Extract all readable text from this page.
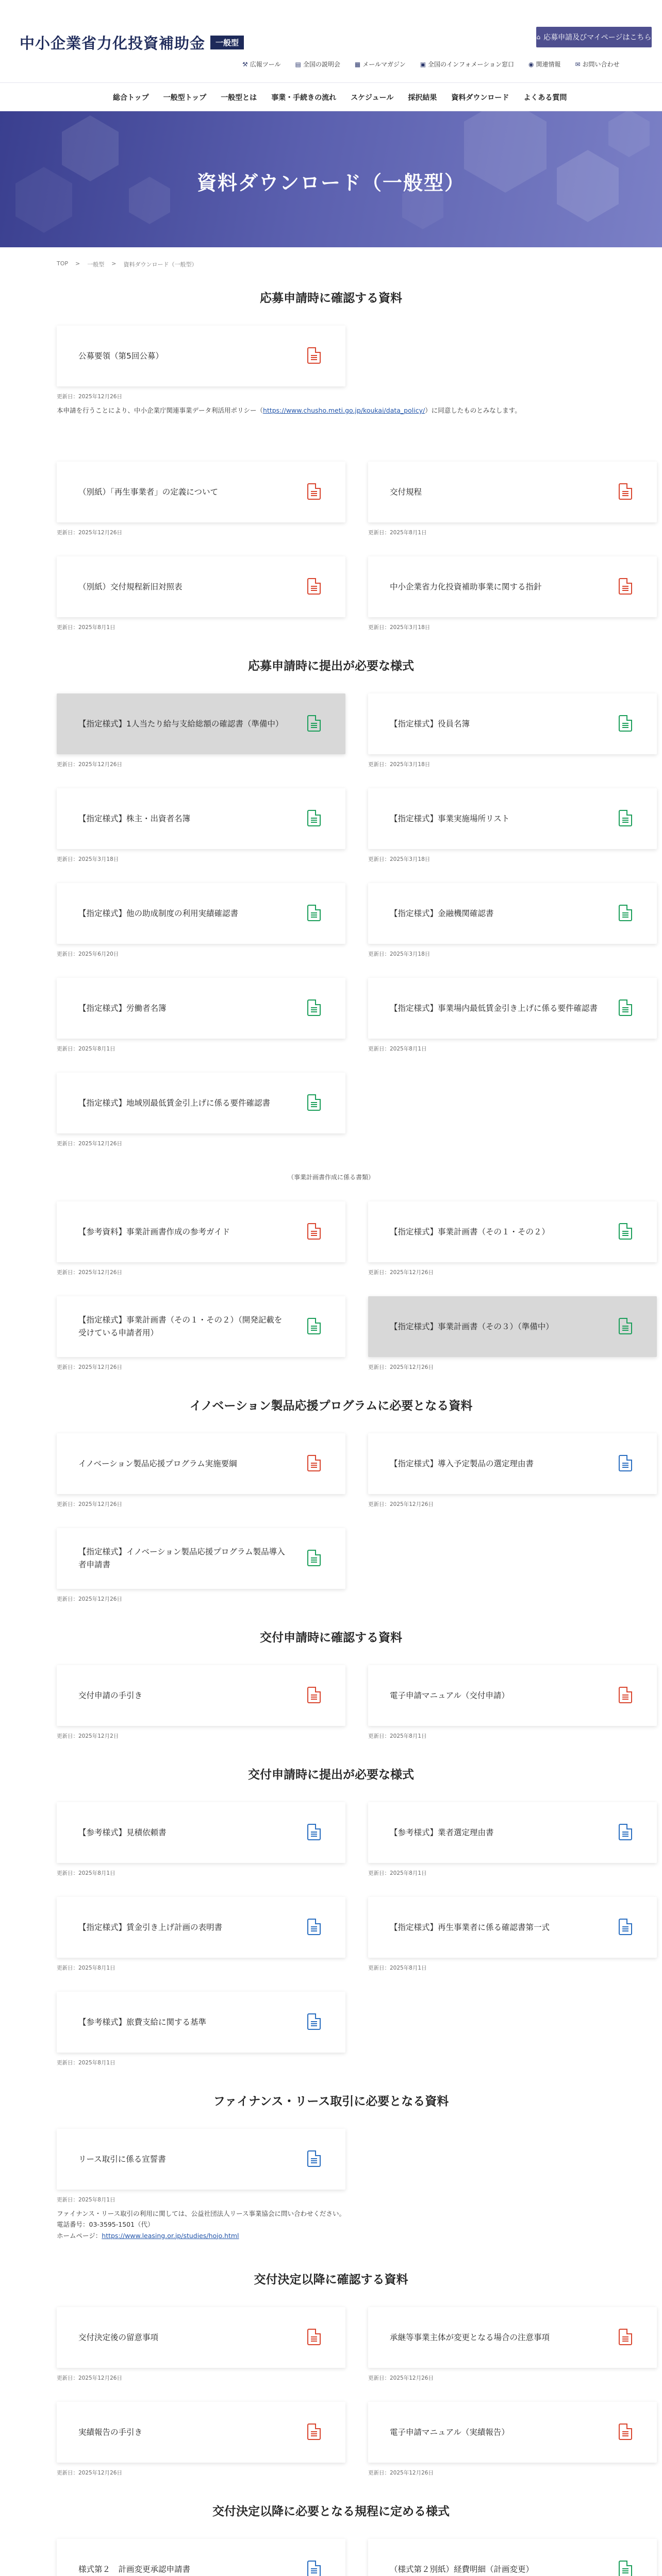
中小企業省力化投資補助金	一般型
⌂ 応募申請及びマイページはこちら
⚒ 広報ツール ▤ 全国の説明会 ▦ メールマガジン ▣ 全国のインフォメーション窓口 ◉ 関連情報 ✉ お問い合わせ
総合トップ	一般型トップ	一般型とは	事業・手続きの流れ	スケジュール	採択結果	資料ダウンロード	よくある質問
資料ダウンロード（一般型）
TOP > 一般型 > 資料ダウンロード（一般型）
応募申請時に確認する資料
公募要領（第5回公募）
更新日：2025年12月26日
本申請を行うことにより、中小企業庁関連事業データ利活用ポリシー（https://www.chusho.meti.go.jp/koukai/data_policy/）に同意したものとみなします。
（別紙）「再生事業者」の定義について
更新日：2025年12月26日
交付規程
更新日：2025年8月1日
（別紙）交付規程新旧対照表
更新日：2025年8月1日
中小企業省力化投資補助事業に関する指針
更新日：2025年3月18日
応募申請時に提出が必要な様式
【指定様式】1人当たり給与支給総額の確認書（準備中）
更新日：2025年12月26日
【指定様式】役員名簿
更新日：2025年3月18日
【指定様式】株主・出資者名簿
更新日：2025年3月18日
【指定様式】事業実施場所リスト
更新日：2025年3月18日
【指定様式】他の助成制度の利用実績確認書
更新日：2025年6月20日
【指定様式】金融機関確認書
更新日：2025年3月18日
【指定様式】労働者名簿
更新日：2025年8月1日
【指定様式】事業場内最低賃金引き上げに係る要件確認書
更新日：2025年8月1日
【指定様式】地域別最低賃金引上げに係る要件確認書
更新日：2025年12月26日
（事業計画書作成に係る書類）
【参考資料】事業計画書作成の参考ガイド
更新日：2025年12月26日
【指定様式】事業計画書（その１・その２）
更新日：2025年12月26日
【指定様式】事業計画書（その１・その２）（開発記載を受けている申請者用）
更新日：2025年12月26日
【指定様式】事業計画書（その３）（準備中）
更新日：2025年12月26日
イノベーション製品応援プログラムに必要となる資料
イノベーション製品応援プログラム実施要綱
更新日：2025年12月26日
【指定様式】導入予定製品の選定理由書
更新日：2025年12月26日
【指定様式】イノベーション製品応援プログラム製品導入者申請書
更新日：2025年12月26日
交付申請時に確認する資料
交付申請の手引き
更新日：2025年12月2日
電子申請マニュアル（交付申請）
更新日：2025年8月1日
交付申請時に提出が必要な様式
【参考様式】見積依頼書
更新日：2025年8月1日
【参考様式】業者選定理由書
更新日：2025年8月1日
【指定様式】賃金引き上げ計画の表明書
更新日：2025年8月1日
【指定様式】再生事業者に係る確認書第一式
更新日：2025年8月1日
【参考様式】旅費支給に関する基準
更新日：2025年8月1日
ファイナンス・リース取引に必要となる資料
リース取引に係る宣誓書
更新日：2025年8月1日
ファイナンス・リース取引の利用に関しては、公益社団法人リース事業協会に問い合わせください。
電話番号：03-3595-1501（代）
ホームページ：https://www.leasing.or.jp/studies/hojo.html
交付決定以降に確認する資料
交付決定後の留意事項
更新日：2025年12月26日
承継等事業主体が変更となる場合の注意事項
更新日：2025年12月26日
実績報告の手引き
更新日：2025年12月26日
電子申請マニュアル（実績報告）
更新日：2025年12月26日
交付決定以降に必要となる規程に定める様式
様式第２　計画変更承認申請書	（様式第２別紙）経費明細（計画変更）
